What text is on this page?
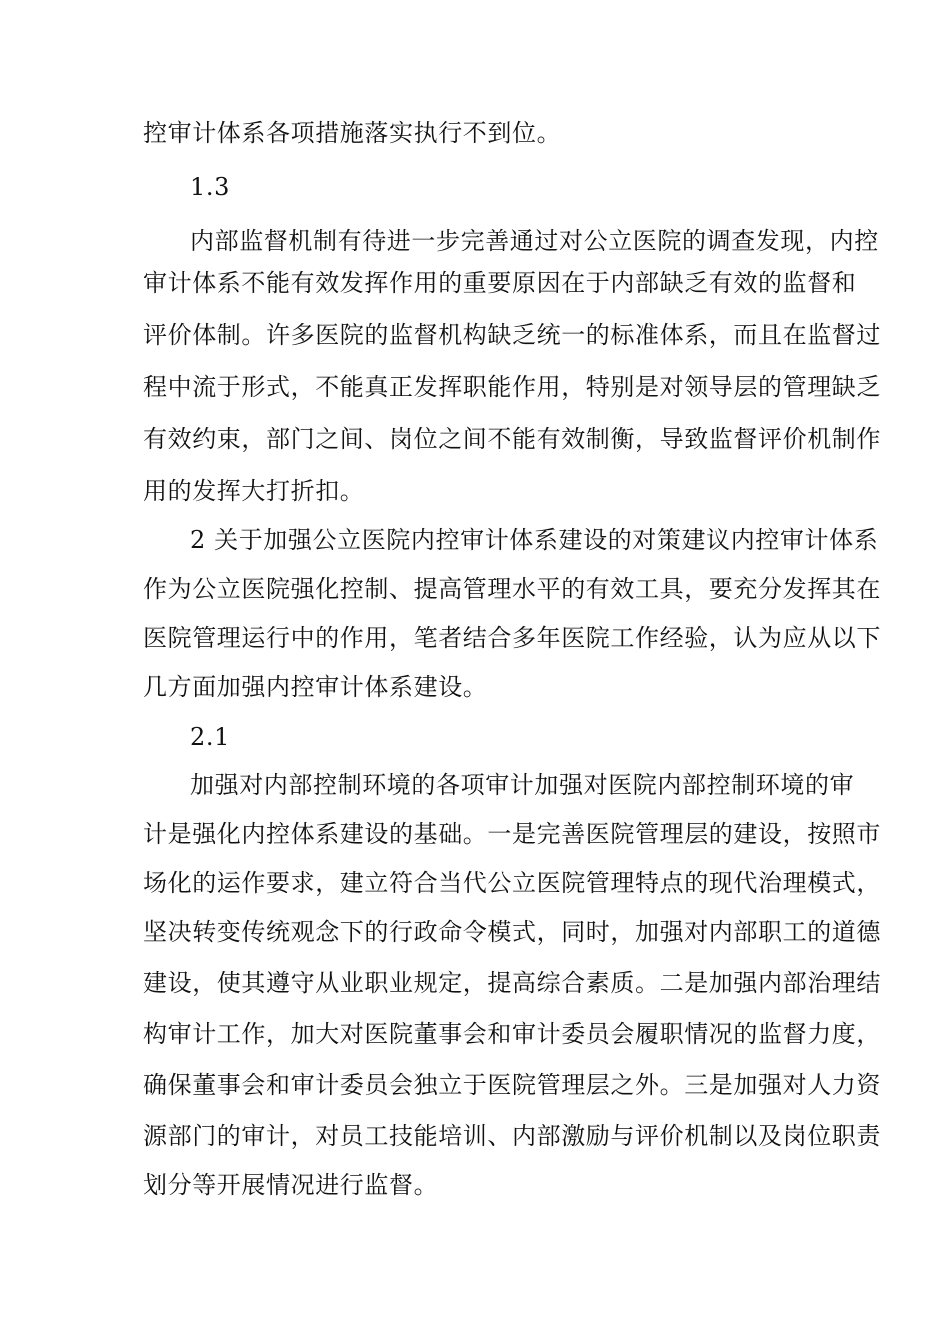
控审计体系各项措施落实执行不到位。
1.3
内部监督机制有待进一步完善通过对公立医院的调查发现，内控
审计体系不能有效发挥作用的重要原因在于内部缺乏有效的监督和
评价体制。许多医院的监督机构缺乏统一的标准体系，而且在监督过
程中流于形式，不能真正发挥职能作用，特别是对领导层的管理缺乏
有效约束，部门之间、岗位之间不能有效制衡，导致监督评价机制作
用的发挥大打折扣。
2 关于加强公立医院内控审计体系建设的对策建议内控审计体系
作为公立医院强化控制、提高管理水平的有效工具，要充分发挥其在
医院管理运行中的作用，笔者结合多年医院工作经验，认为应从以下
几方面加强内控审计体系建设。
2.1
加强对内部控制环境的各项审计加强对医院内部控制环境的审
计是强化内控体系建设的基础。一是完善医院管理层的建设，按照市
场化的运作要求，建立符合当代公立医院管理特点的现代治理模式，
坚决转变传统观念下的行政命令模式，同时，加强对内部职工的道德
建设，使其遵守从业职业规定，提高综合素质。二是加强内部治理结
构审计工作，加大对医院董事会和审计委员会履职情况的监督力度，
确保董事会和审计委员会独立于医院管理层之外。三是加强对人力资
源部门的审计，对员工技能培训、内部激励与评价机制以及岗位职责
划分等开展情况进行监督。
